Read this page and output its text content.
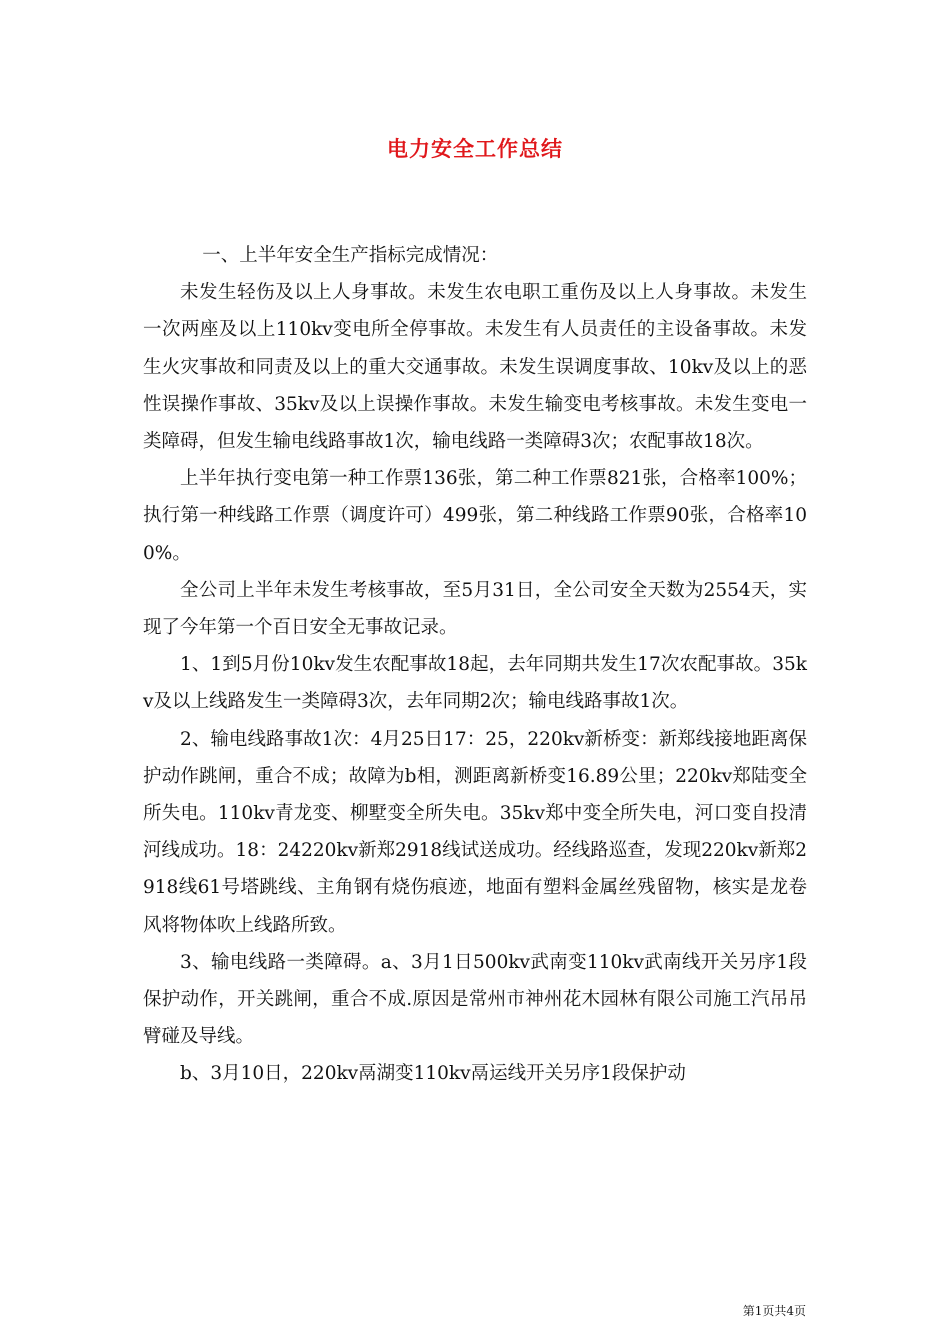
电力安全工作总结

一、上半年安全生产指标完成情况：

未发生轻伤及以上人身事故。未发生农电职工重伤及以上人身事故。未发生一次两座及以上110kv变电所全停事故。未发生有人员责任的主设备事故。未发生火灾事故和同责及以上的重大交通事故。未发生误调度事故、10kv及以上的恶性误操作事故、35kv及以上误操作事故。未发生输变电考核事故。未发生变电一类障碍，但发生输电线路事故1次，输电线路一类障碍3次；农配事故18次。

上半年执行变电第一种工作票136张，第二种工作票821张，合格率100%；执行第一种线路工作票（调度许可）499张，第二种线路工作票90张，合格率100%。

全公司上半年未发生考核事故，至5月31日，全公司安全天数为2554天，实现了今年第一个百日安全无事故记录。

1、1到5月份10kv发生农配事故18起，去年同期共发生17次农配事故。35kv及以上线路发生一类障碍3次，去年同期2次；输电线路事故1次。

2、输电线路事故1次：4月25日17：25，220kv新桥变：新郑线接地距离保护动作跳闸，重合不成；故障为b相，测距离新桥变16.89公里；220kv郑陆变全所失电。110kv青龙变、柳墅变全所失电。35kv郑中变全所失电，河口变自投清河线成功。18：24220kv新郑2918线试送成功。经线路巡查，发现220kv新郑2918线61号塔跳线、主角钢有烧伤痕迹，地面有塑料金属丝残留物，核实是龙卷风将物体吹上线路所致。

3、输电线路一类障碍。a、3月1日500kv武南变110kv武南线开关另序1段保护动作，开关跳闸，重合不成.原因是常州市神州花木园林有限公司施工汽吊吊臂碰及导线。

b、3月10日，220kv鬲湖变110kv鬲运线开关另序1段保护动

第1页共4页
